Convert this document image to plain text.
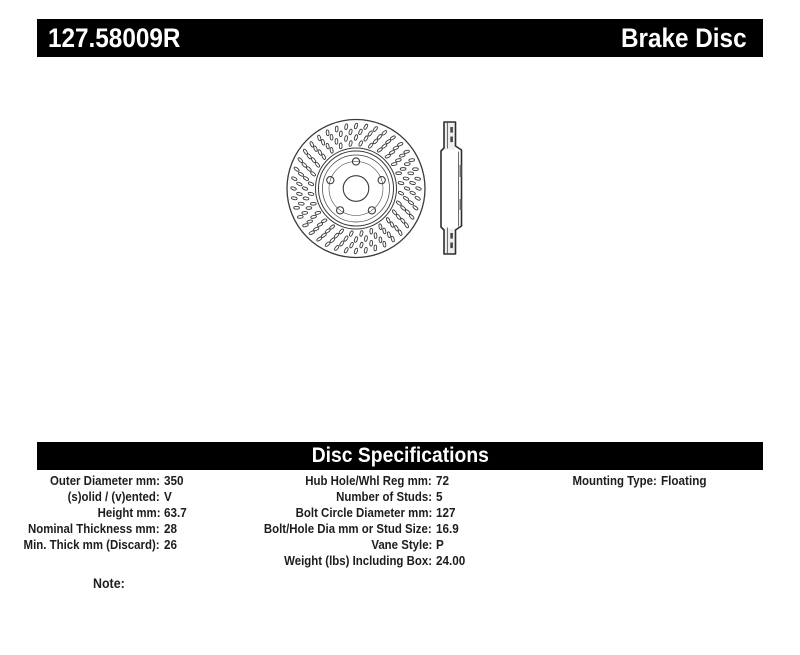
127.58009R	Brake Disc
Disc Specifications
Outer Diameter mm: 350
(s)olid / (v)ented: V
Height mm: 63.7
Nominal Thickness mm: 28
Min. Thick mm (Discard): 26
Hub Hole/Whl Reg mm: 72
Number of Studs: 5
Bolt Circle Diameter mm: 127
Bolt/Hole Dia mm or Stud Size: 16.9
Vane Style: P
Weight (lbs) Including Box: 24.00
Mounting Type: Floating
Note:
